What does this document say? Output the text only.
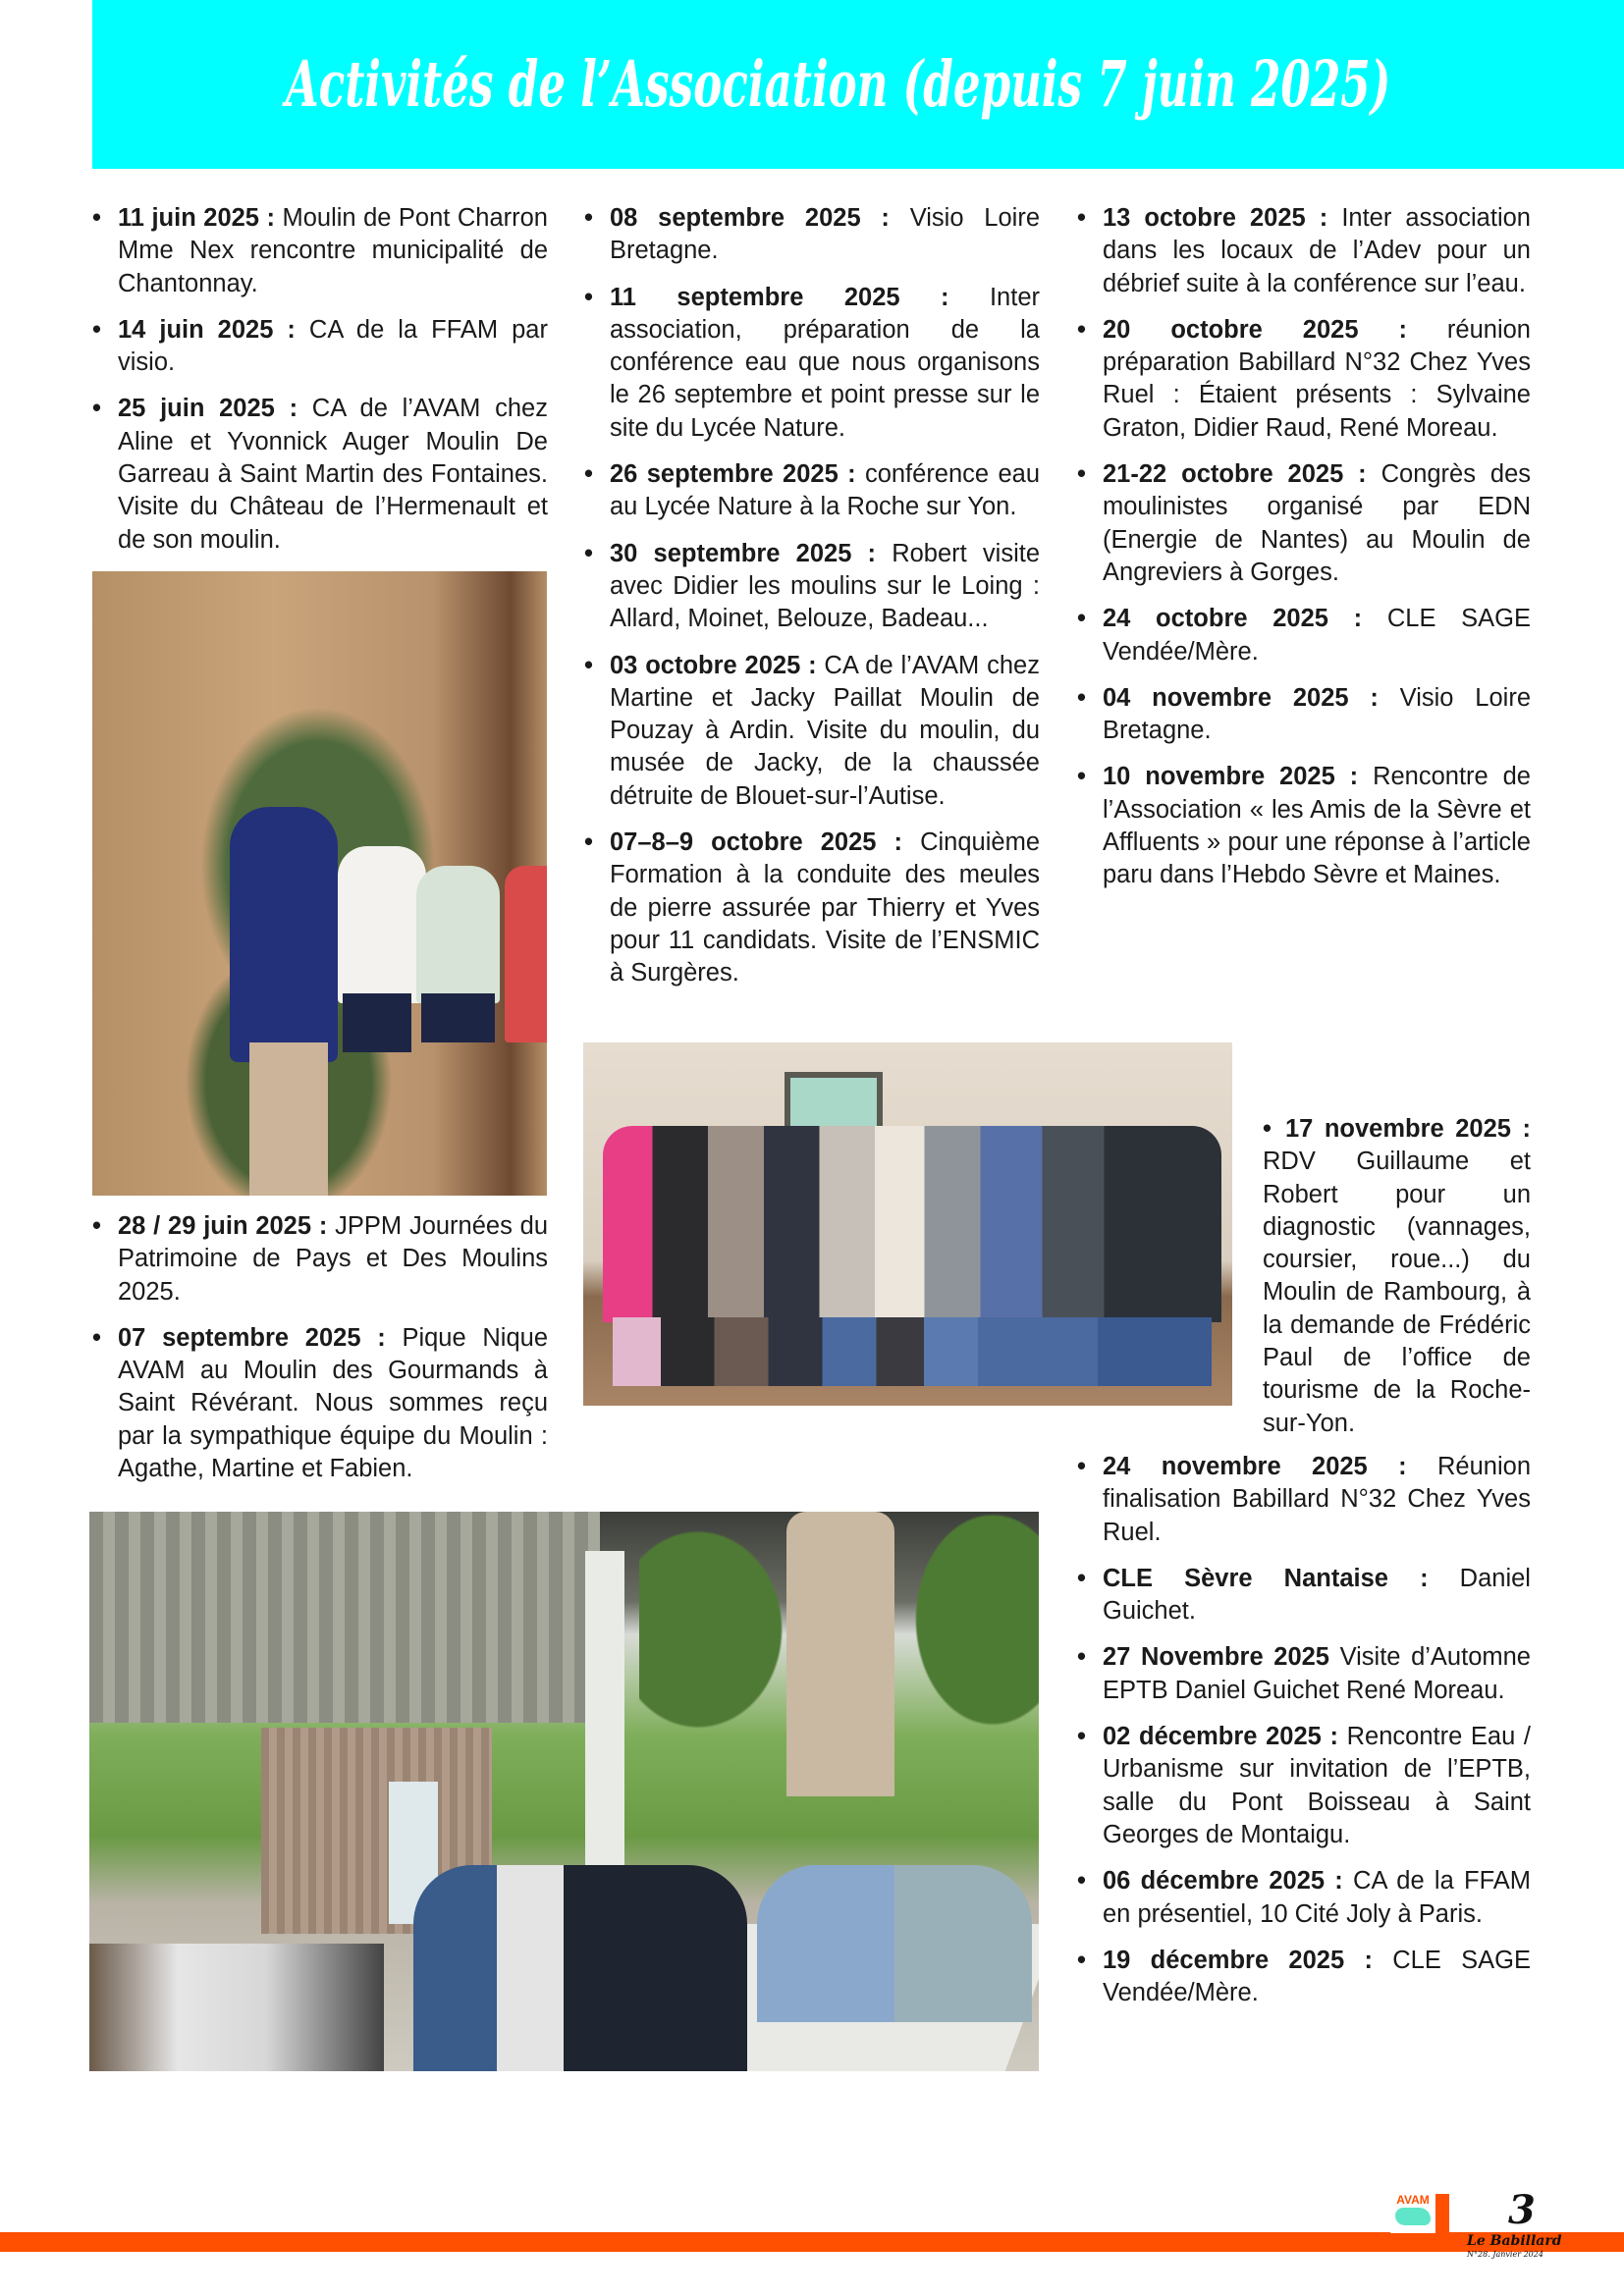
Activités de l’Association (depuis 7 juin 2025)
• 11 juin 2025 : Moulin de Pont Charron Mme Nex rencontre municipalité de Chantonnay.
• 14 juin 2025 : CA de la FFAM par visio.
• 25 juin 2025 : CA de l’AVAM chez Aline et Yvonnick Auger Moulin De Garreau à Saint Martin des Fontaines. Visite du Château de l’Hermenault et de son moulin.
• 28 / 29 juin 2025 : JPPM Journées du Patrimoine de Pays et Des Moulins 2025.
• 07 septembre 2025 : Pique Nique AVAM au Moulin des Gourmands à Saint Révérant. Nous sommes reçu par la sympathique équipe du Moulin : Agathe, Martine et Fabien.
• 08 septembre 2025 : Visio Loire Bretagne.
• 11 septembre 2025 : Inter association, préparation de la conférence eau que nous organisons le 26 septembre et point presse sur le site du Lycée Nature.
• 26 septembre 2025 : conférence eau au Lycée Nature à la Roche sur Yon.
• 30 septembre 2025 : Robert visite avec Didier les moulins sur le Loing : Allard, Moinet, Belouze, Badeau...
• 03 octobre 2025 : CA de l’AVAM chez Martine et Jacky Paillat Moulin de Pouzay à Ardin. Visite du moulin, du musée de Jacky, de la chaussée détruite de Blouet-sur-l’Autise.
• 07–8–9 octobre 2025 : Cinquième Formation à la conduite des meules de pierre assurée par Thierry et Yves pour 11 candidats. Visite de l’ENSMIC à Surgères.
• 13 octobre 2025 : Inter association dans les locaux de l’Adev pour un débrief suite à la conférence sur l’eau.
• 20 octobre 2025 : réunion préparation Babillard N°32 Chez Yves Ruel : Étaient présents : Sylvaine Graton, Didier Raud, René Moreau.
• 21-22 octobre 2025 : Congrès des moulinistes organisé par EDN (Energie de Nantes) au Moulin de Angreviers à Gorges.
• 24 octobre 2025 : CLE SAGE Vendée/Mère.
• 04 novembre 2025 : Visio Loire Bretagne.
• 10 novembre 2025 : Rencontre de l’Association « les Amis de la Sèvre et Affluents » pour une réponse à l’article paru dans l’Hebdo Sèvre et Maines.
• 17 novembre 2025 : RDV Guillaume et Robert pour un diagnostic (vannages, coursier, roue...) du Moulin de Rambourg, à la demande de Frédéric Paul de l’office de tourisme de la Roche-sur-Yon.
• 24 novembre 2025 : Réunion finalisation Babillard N°32 Chez Yves Ruel.
• CLE Sèvre Nantaise : Daniel Guichet.
• 27 Novembre 2025 Visite d’Automne EPTB Daniel Guichet René Moreau.
• 02 décembre 2025 : Rencontre Eau / Urbanisme sur invitation de l’EPTB, salle du Pont Boisseau à Saint Georges de Montaigu.
• 06 décembre 2025 : CA de la FFAM en présentiel, 10 Cité Joly à Paris.
• 19 décembre 2025 : CLE SAGE Vendée/Mère.
AVAM 3
Le Babillard
N°28. Janvier 2024
